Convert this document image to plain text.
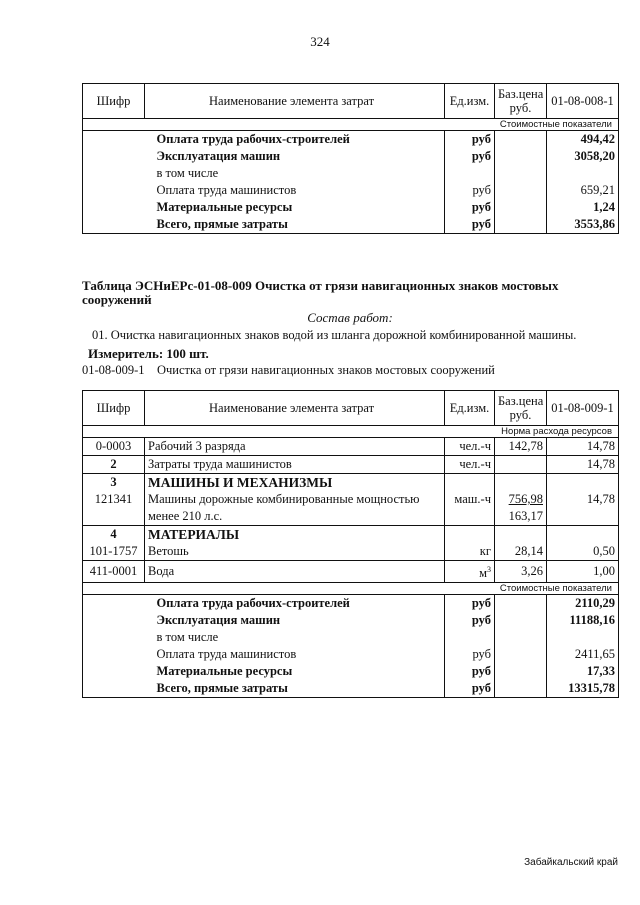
324
Шифр	Наименование элемента затрат	Ед.изм.	Баз.цена руб.	01-08-008-1
Стоимостные показатели				
	Оплата труда рабочих-строителей	руб		494,42
	Эксплуатация машин	руб		3058,20
	в том числе			
	Оплата труда машинистов	руб		659,21
	Материальные ресурсы	руб		1,24
	Всего, прямые затраты	руб		3553,86
Таблица ЭСНиЕРс-01-08-009 Очистка от грязи навигационных знаков мостовых
сооружений
Состав работ:
01. Очистка навигационных знаков водой из шланга дорожной комбинированной машины.
Измеритель: 100 шт.
01-08-009-1    Очистка от грязи навигационных знаков мостовых сооружений
Шифр	Наименование элемента затрат	Ед.изм.	Баз.цена руб.	01-08-009-1
Норма расхода ресурсов				
0-0003	Рабочий 3 разряда	чел.-ч	142,78	14,78
2	Затраты труда машинистов	чел.-ч		14,78
3	МАШИНЫ И МЕХАНИЗМЫ			
121341	Машины дорожные комбинированные мощностью	маш.-ч	756,98	14,78
	менее 210 л.с.		163,17	
4	МАТЕРИАЛЫ			
101-1757	Ветошь	кг	28,14	0,50
411-0001	Вода	$м^3$	3,26	1,00
Стоимостные показатели				
	Оплата труда рабочих-строителей	руб		2110,29
	Эксплуатация машин	руб		11188,16
	в том числе			
	Оплата труда машинистов	руб		2411,65
	Материальные ресурсы	руб		17,33
	Всего, прямые затраты	руб		13315,78
Забайкальский край
